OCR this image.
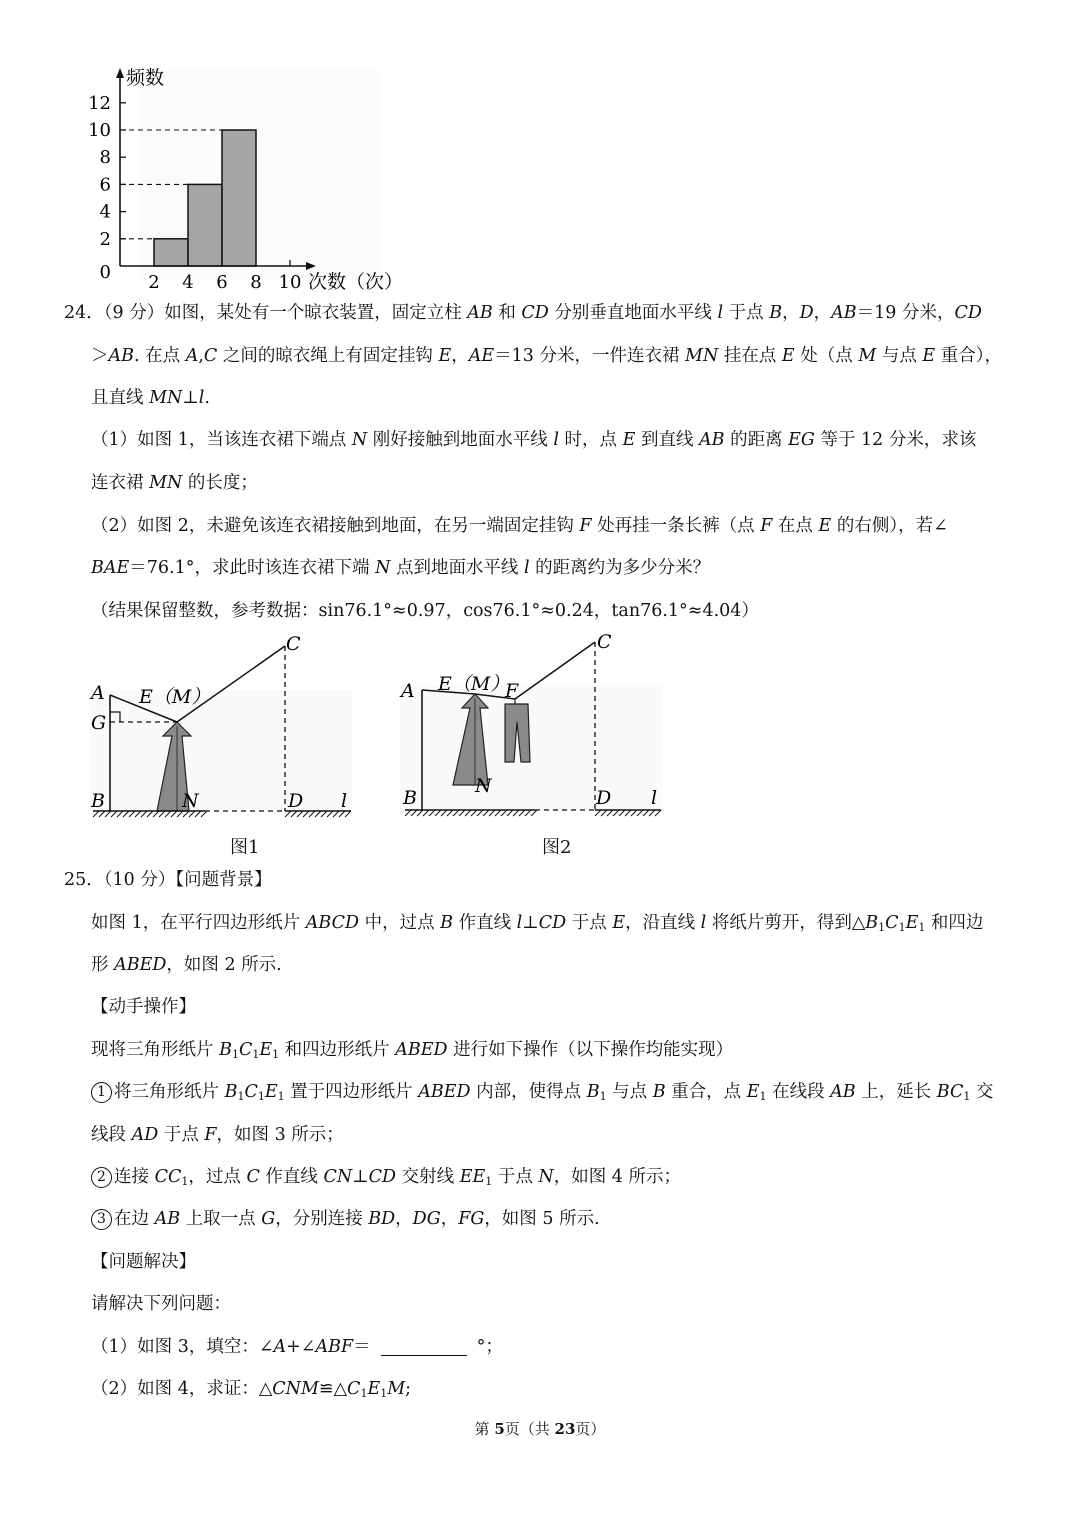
12
10
8
6
4
2
0 2 4 6 8 10
频数
次数（次）
24．（9 分）如图，某处有一个晾衣装置，固定立柱 AB 和 CD 分别垂直地面水平线 l 于点 B，D，AB＝19 分米，CD
＞AB. 在点 A,C 之间的晾衣绳上有固定挂钩 E，AE＝13 分米，一件连衣裙 MN 挂在点 E 处（点 M 与点 E 重合），
且直线 MN⊥l.
（1）如图 1，当该连衣裙下端点 N 刚好接触到地面水平线 l 时，点 E 到直线 AB 的距离 EG 等于 12 分米，求该
连衣裙 MN 的长度；
（2）如图 2，未避免该连衣裙接触到地面，在另一端固定挂钩 F 处再挂一条长裤（点 F 在点 E 的右侧），若∠
BAE＝76.1°，求此时该连衣裙下端 N 点到地面水平线 l 的距离约为多少分米？
（结果保留整数，参考数据：sin76.1°≈0.97，cos76.1°≈0.24，tan76.1°≈4.04）
A
G
B	N	D l
C
E（M）
图1
A
B
N
D l
C
F
E（M）
图2
25．（10 分）【问题背景】
如图 1，在平行四边形纸片 ABCD 中，过点 B 作直线 l⊥CD 于点 E，沿直线 l 将纸片剪开，得到$\triangle B_1C_1E_1$ 和四边
形 ABED，如图 2 所示.
【动手操作】
现将三角形纸片 $B_1C_1E_1$ 和四边形纸片 ABED 进行如下操作（以下操作均能实现）
1 将三角形纸片 $B_1C_1E_1$ 置于四边形纸片 ABED 内部，使得点 $B_1$ 与点 B 重合，点 $E_1$ 在线段 AB 上，延长 $BC_1$ 交
线段 AD 于点 F，如图 3 所示；
2 连接 $CC_1$，过点 C 作直线 CN⊥CD 交射线 $EE_1$ 于点 N，如图 4 所示；
3 在边 AB 上取一点 G，分别连接 BD，DG，FG，如图 5 所示.
【问题解决】
请解决下列问题：
（1）如图 3，填空：∠A+∠ABF＝	°；
（2）如图 4，求证：$\triangle CNM≌\triangle C_1E_1M$;
第 5页（共 23页）
